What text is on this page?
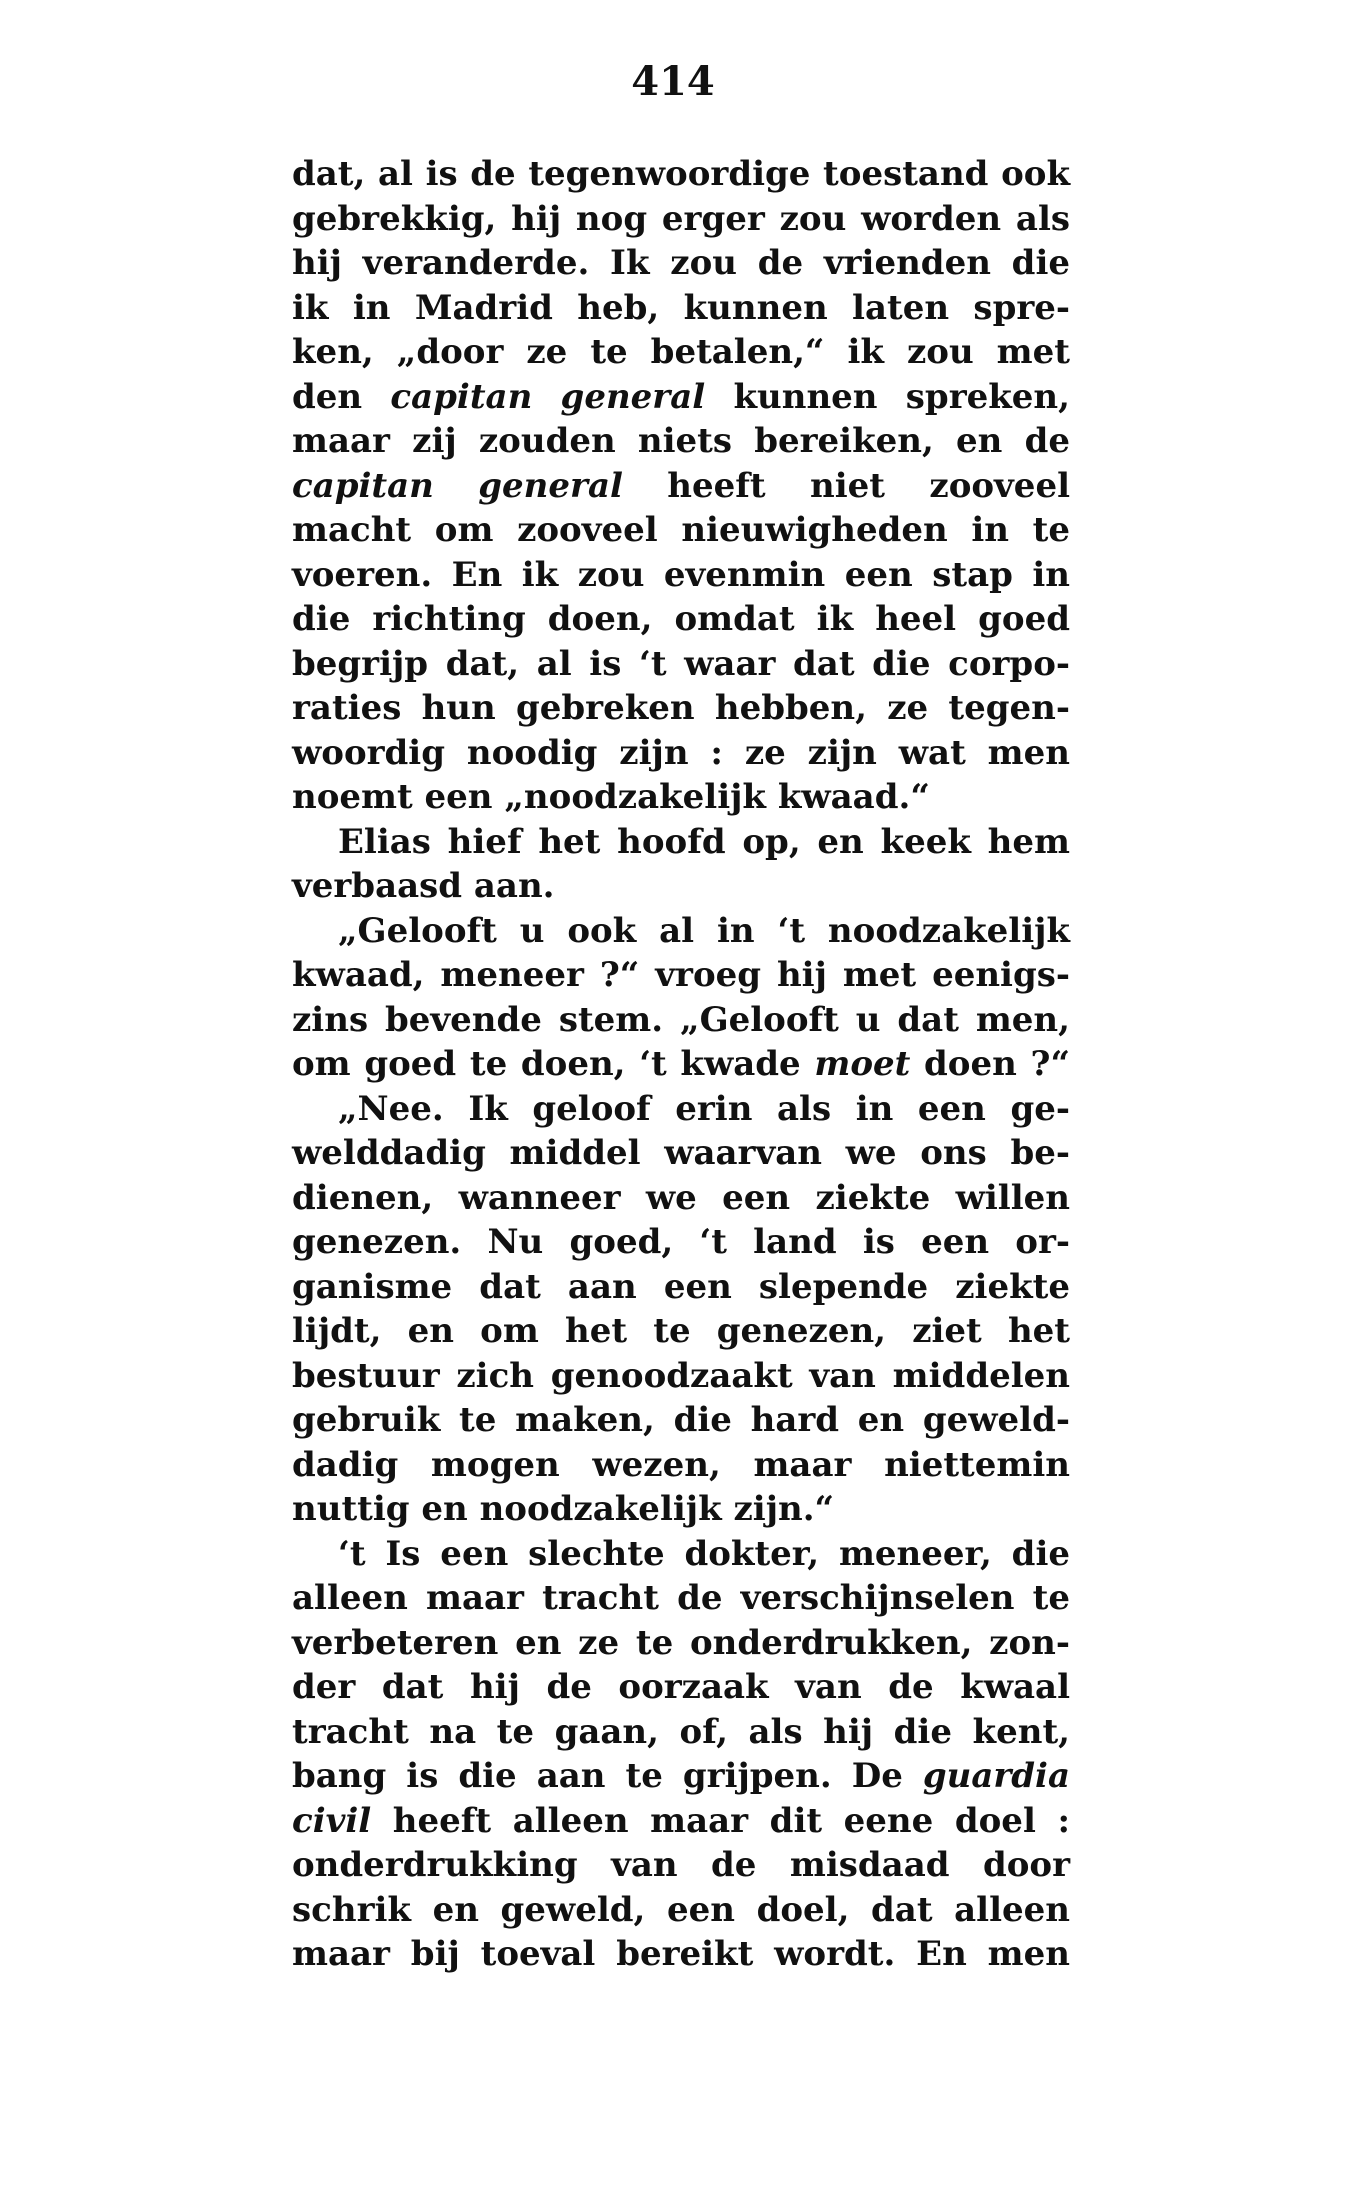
414
dat, al is de tegenwoordige toestand ook
gebrekkig, hij nog erger zou worden als
hij veranderde. Ik zou de vrienden die
ik in Madrid heb, kunnen laten spre-
ken, „door ze te betalen,“ ik zou met
den capitan general kunnen spreken,
maar zij zouden niets bereiken, en de
capitan general heeft niet zooveel
macht om zooveel nieuwigheden in te
voeren. En ik zou evenmin een stap in
die richting doen, omdat ik heel goed
begrijp dat, al is ‘t waar dat die corpo-
raties hun gebreken hebben, ze tegen-
woordig noodig zijn : ze zijn wat men
noemt een „noodzakelijk kwaad.“
Elias hief het hoofd op, en keek hem
verbaasd aan.
„Gelooft u ook al in ‘t noodzakelijk
kwaad, meneer ?“ vroeg hij met eenigs-
zins bevende stem. „Gelooft u dat men,
om goed te doen, ‘t kwade moet doen ?“
„Nee. Ik geloof erin als in een ge-
welddadig middel waarvan we ons be-
dienen, wanneer we een ziekte willen
genezen. Nu goed, ‘t land is een or-
ganisme dat aan een slepende ziekte
lijdt, en om het te genezen, ziet het
bestuur zich genoodzaakt van middelen
gebruik te maken, die hard en geweld-
dadig mogen wezen, maar niettemin
nuttig en noodzakelijk zijn.“
‘t Is een slechte dokter, meneer, die
alleen maar tracht de verschijnselen te
verbeteren en ze te onderdrukken, zon-
der dat hij de oorzaak van de kwaal
tracht na te gaan, of, als hij die kent,
bang is die aan te grijpen. De guardia
civil heeft alleen maar dit eene doel :
onderdrukking van de misdaad door
schrik en geweld, een doel, dat alleen
maar bij toeval bereikt wordt. En men
